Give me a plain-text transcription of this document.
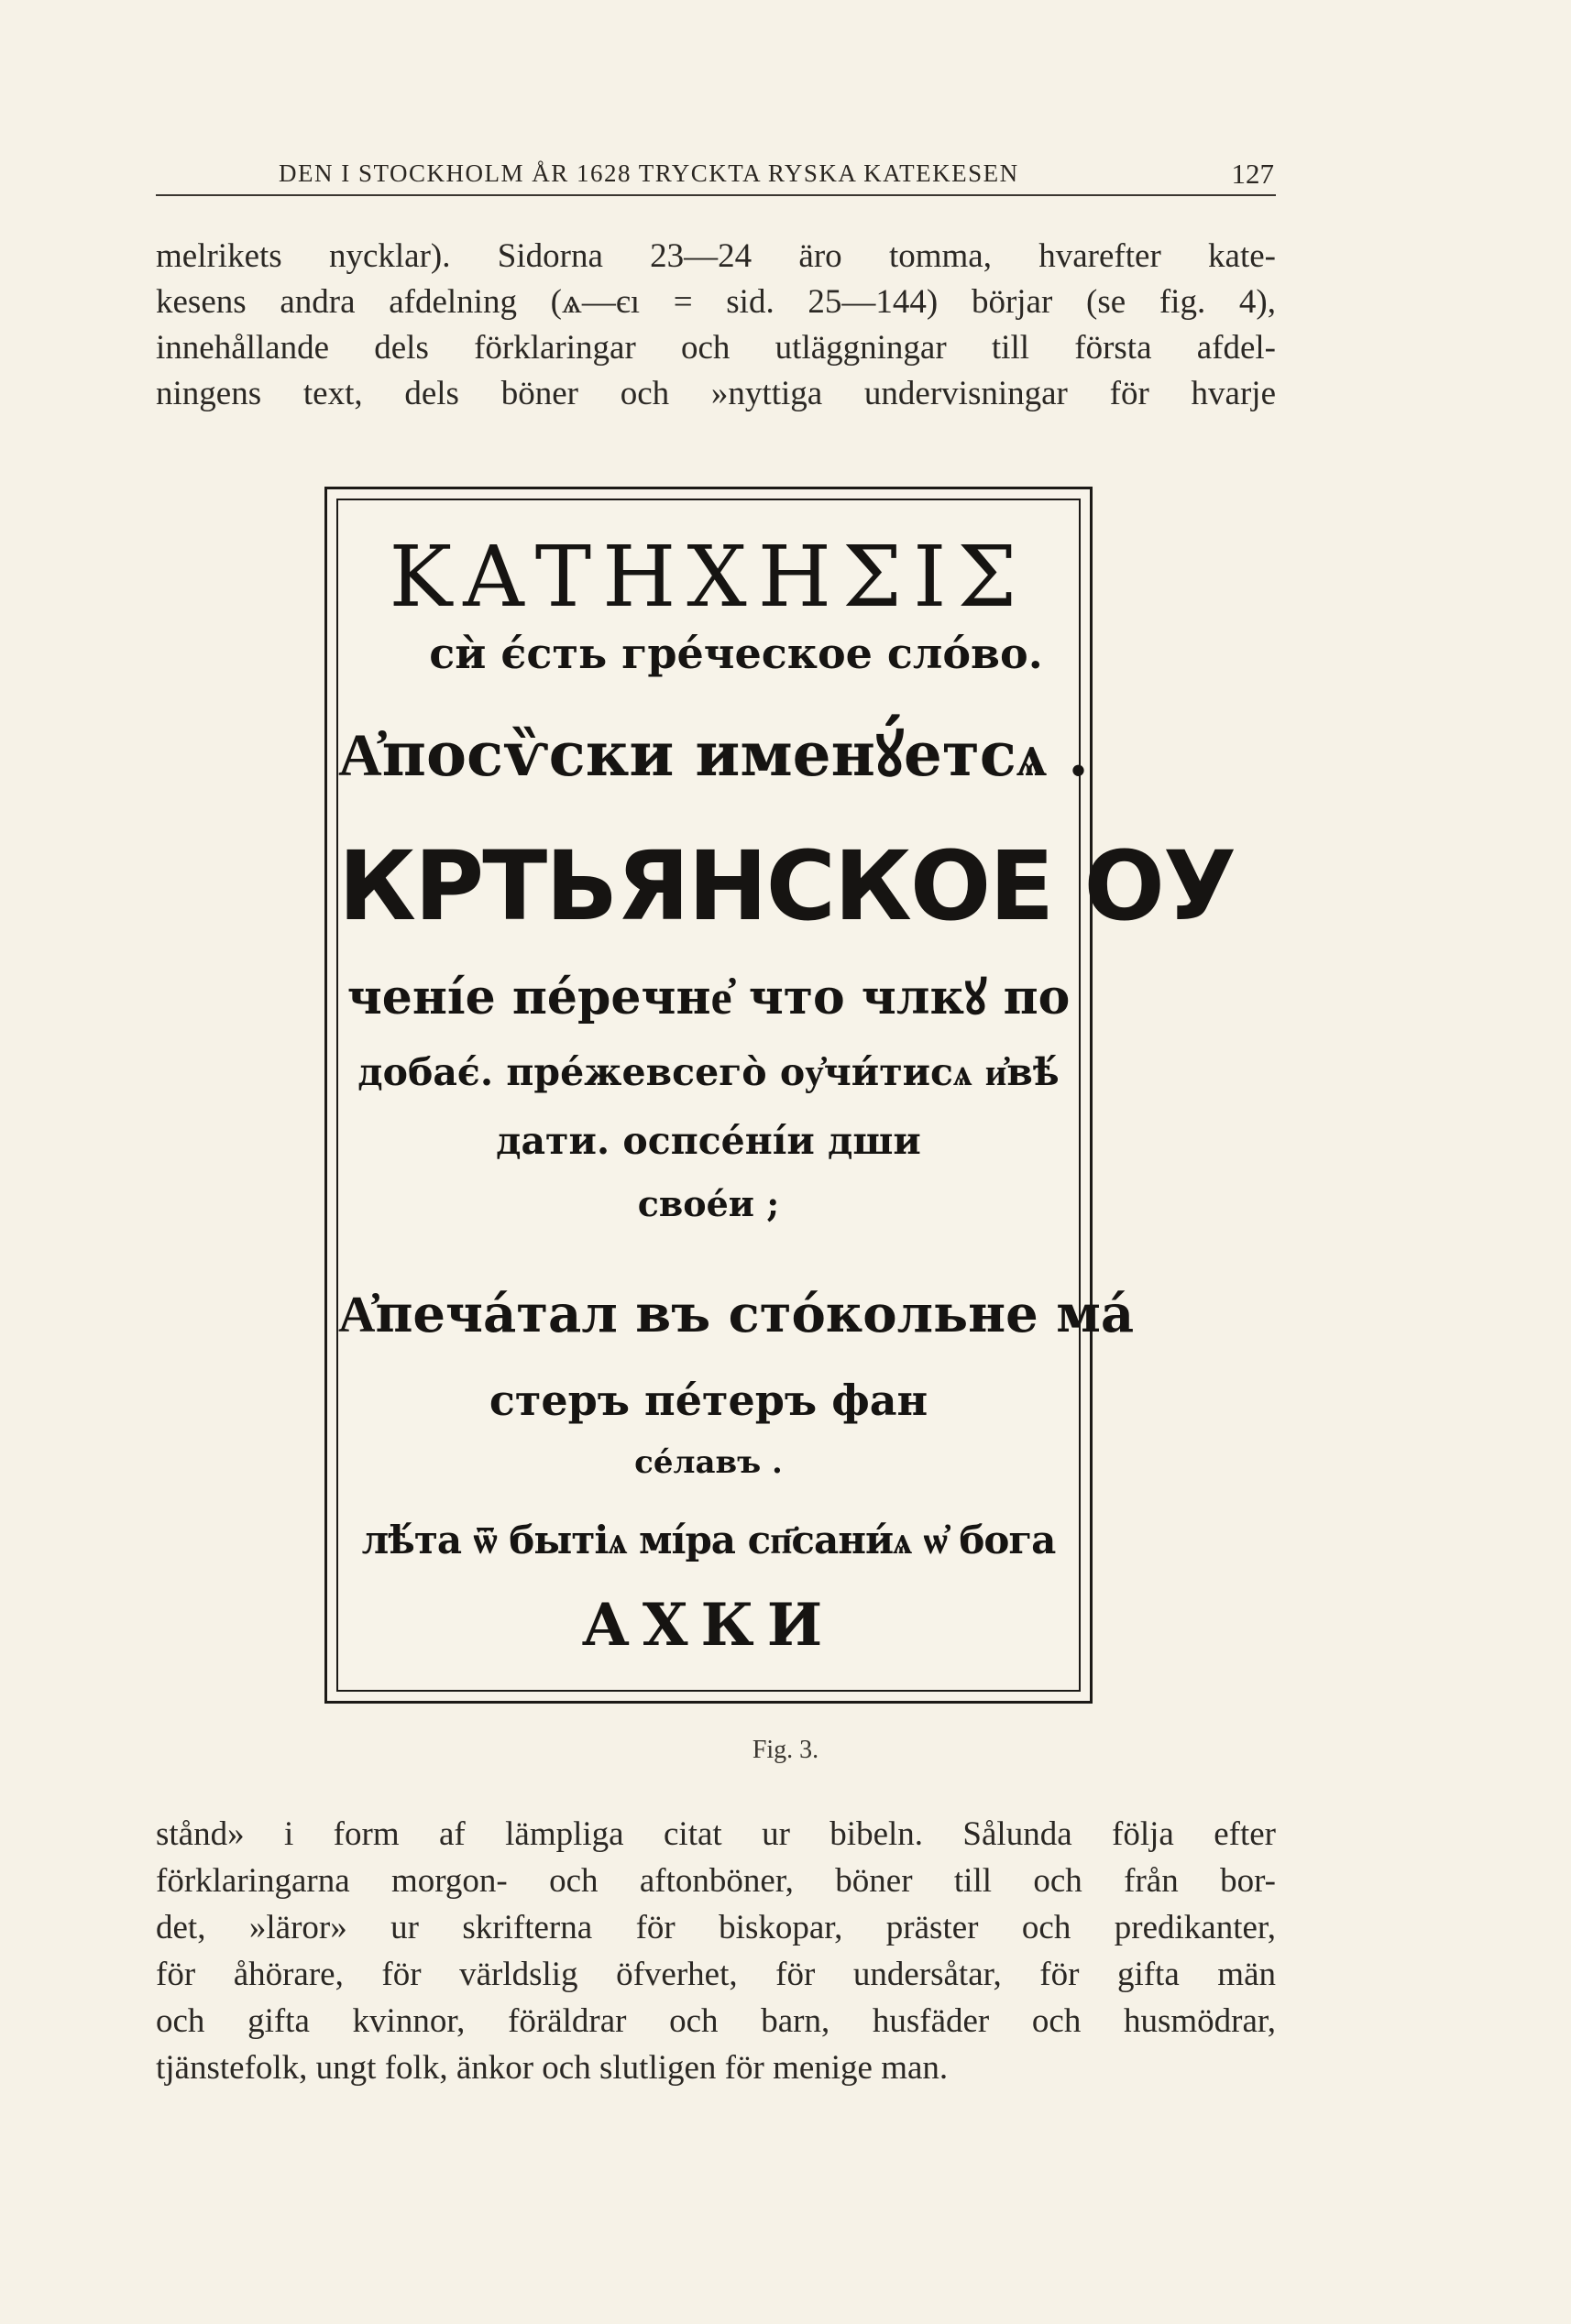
DEN I STOCKHOLM ÅR 1628 TRYCKTA RYSKA KATEKESEN	127
melrikets nycklar). Sidorna 23—24 äro tomma, hvarefter kate-
kesens andra afdelning (ѧ—єı = sid. 25—144) börjar (se fig. 4),
innehållande dels förklaringar och utläggningar till första afdel-
ningens text, dels böner och »nyttiga undervisningar för hvarje
ΚΑΤΗΧΗΣΙΣ
сѝ є́сть гре́ческое сло́во.
А҆посѷски именꙋ́етсѧ .
КРТЬЯНСКОЕ ОУ
чені́е пе́речне҆ что члкꙋ по
добає́. пре́жевсего̀ оу҆чи́тисѧ и҆вѣ́
дати. оспсе́ні́и дши
свое́и ;
А҆печа́тал въ сто́кольне ма́
стеръ пе́теръ фан
се́лавъ .
лѣ́та ѿ бытіѧ мі́ра сп҃сани́ѧ ѡ҆ бога
АХКИ
Fig. 3.
stånd» i form af lämpliga citat ur bibeln. Sålunda följa efter
förklaringarna morgon- och aftonböner, böner till och från bor-
det, »läror» ur skrifterna för biskopar, präster och predikanter,
för åhörare, för världslig öfverhet, för undersåtar, för gifta män
och gifta kvinnor, föräldrar och barn, husfäder och husmödrar,
tjänstefolk, ungt folk, änkor och slutligen för menige man.
